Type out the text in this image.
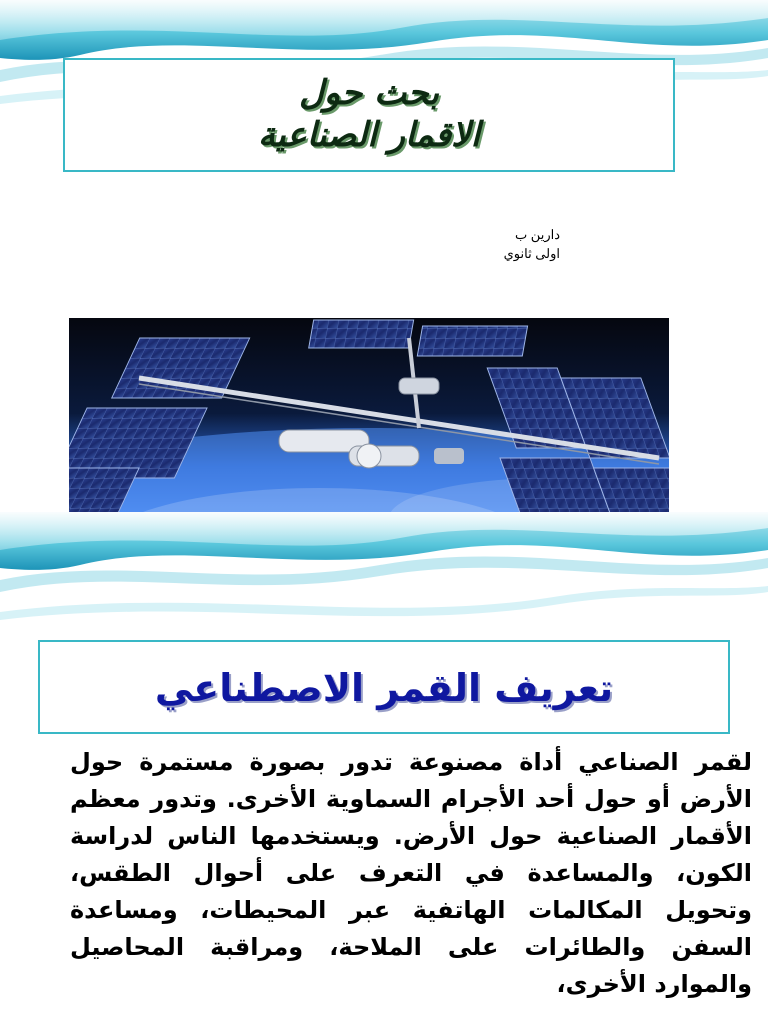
بحث حول
الاقمار الصناعية
دارين ب
اولى ثانوي
تعريف القمر الاصطناعي

لقمر الصناعي أداة مصنوعة تدور بصورة مستمرة حول الأرض أو حول أحد الأجرام السماوية الأخرى. وتدور معظم الأقمار الصناعية حول الأرض. ويستخدمها الناس لدراسة الكون، والمساعدة في التعرف على أحوال الطقس، وتحويل المكالمات الهاتفية عبر المحيطات، ومساعدة السفن والطائرات على الملاحة، ومراقبة المحاصيل والموارد الأخرى،
